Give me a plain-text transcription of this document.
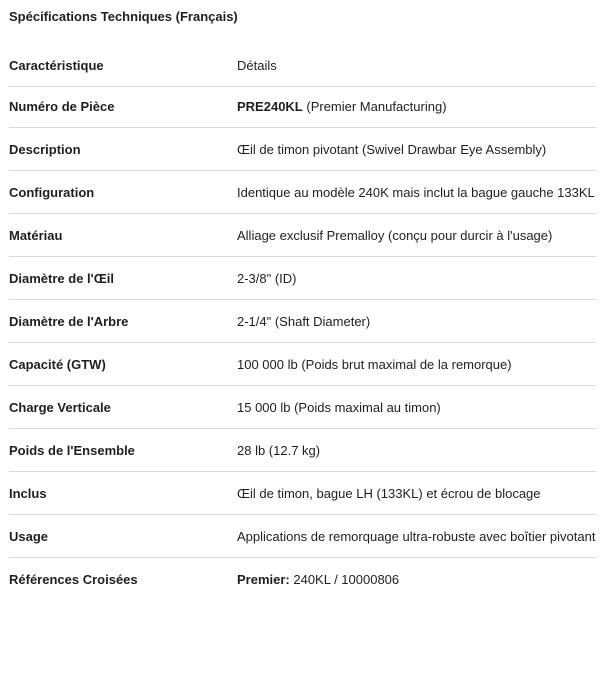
Spécifications Techniques (Français)
Caractéristique	Détails
Numéro de Pièce	PRE240KL (Premier Manufacturing)
Description	Œil de timon pivotant (Swivel Drawbar Eye Assembly)
Configuration	Identique au modèle 240K mais inclut la bague gauche 133KL
Matériau	Alliage exclusif Premalloy (conçu pour durcir à l'usage)
Diamètre de l'Œil	2-3/8" (ID)
Diamètre de l'Arbre	2-1/4" (Shaft Diameter)
Capacité (GTW)	100 000 lb (Poids brut maximal de la remorque)
Charge Verticale	15 000 lb (Poids maximal au timon)
Poids de l'Ensemble	28 lb (12.7 kg)
Inclus	Œil de timon, bague LH (133KL) et écrou de blocage
Usage	Applications de remorquage ultra-robuste avec boîtier pivotant
Références Croisées	Premier: 240KL / 10000806
